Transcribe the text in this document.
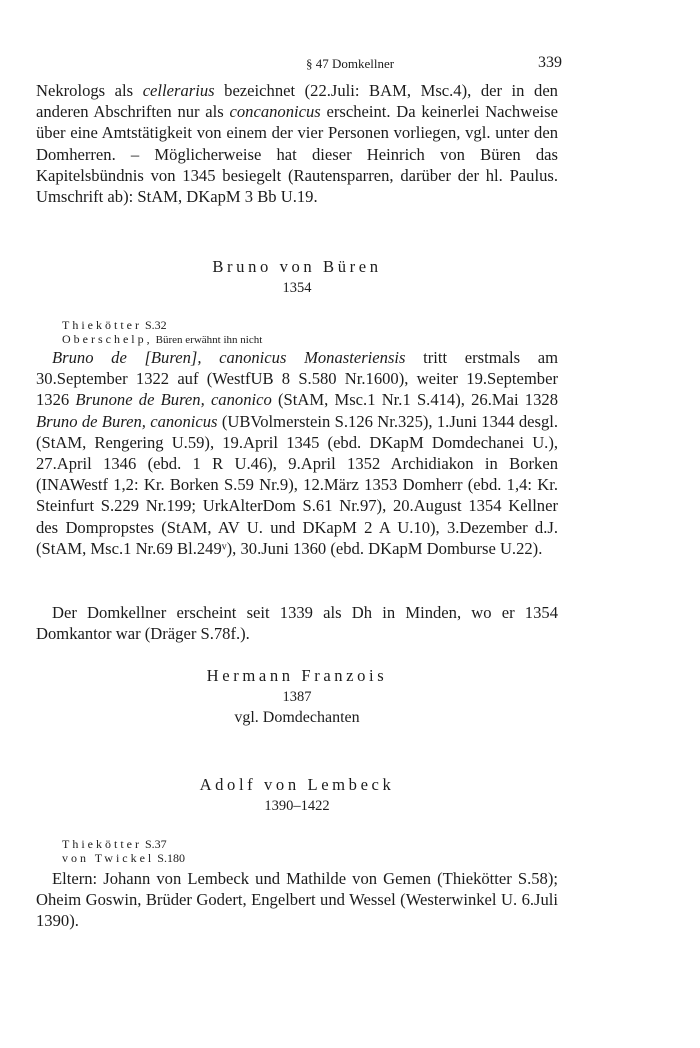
§ 47 Domkellner	339

Nekrologs als cellerarius bezeichnet (22.Juli: BAM, Msc.4), der in den anderen Abschriften nur als concanonicus erscheint. Da keinerlei Nachweise über eine Amtstätigkeit von einem der vier Personen vorliegen, vgl. unter den Domherren. – Möglicherweise hat dieser Heinrich von Büren das Kapitelsbündnis von 1345 besiegelt (Rautensparren, darüber der hl. Paulus. Umschrift ab): StAM, DKapM 3 Bb U.19.

Bruno von Büren
1354
Thiekötter S.32
Oberschelp, Büren erwähnt ihn nicht

Bruno de [Buren], canonicus Monasteriensis tritt erstmals am 30.September 1322 auf (WestfUB 8 S.580 Nr.1600), weiter 19.September 1326 Brunone de Buren, canonico (StAM, Msc.1 Nr.1 S.414), 26.Mai 1328 Bruno de Buren, canonicus (UBVolmerstein S.126 Nr.325), 1.Juni 1344 desgl. (StAM, Rengering U.59), 19.April 1345 (ebd. DKapM Domdechanei U.), 27.April 1346 (ebd. 1 R U.46), 9.April 1352 Archidiakon in Borken (INAWestf 1,2: Kr. Borken S.59 Nr.9), 12.März 1353 Domherr (ebd. 1,4: Kr. Steinfurt S.229 Nr.199; UrkAlterDom S.61 Nr.97), 20.August 1354 Kellner des Dompropstes (StAM, AV U. und DKapM 2 A U.10), 3.Dezember d.J. (StAM, Msc.1 Nr.69 Bl.249ᵛ), 30.Juni 1360 (ebd. DKapM Domburse U.22).

Der Domkellner erscheint seit 1339 als Dh in Minden, wo er 1354 Domkantor war (Dräger S.78f.).

Hermann Franzois
1387
vgl. Domdechanten
Adolf von Lembeck
1390–1422
Thiekötter S.37
von Twickel S.180

Eltern: Johann von Lembeck und Mathilde von Gemen (Thiekötter S.58); Oheim Goswin, Brüder Godert, Engelbert und Wessel (Westerwinkel U. 6.Juli 1390).
